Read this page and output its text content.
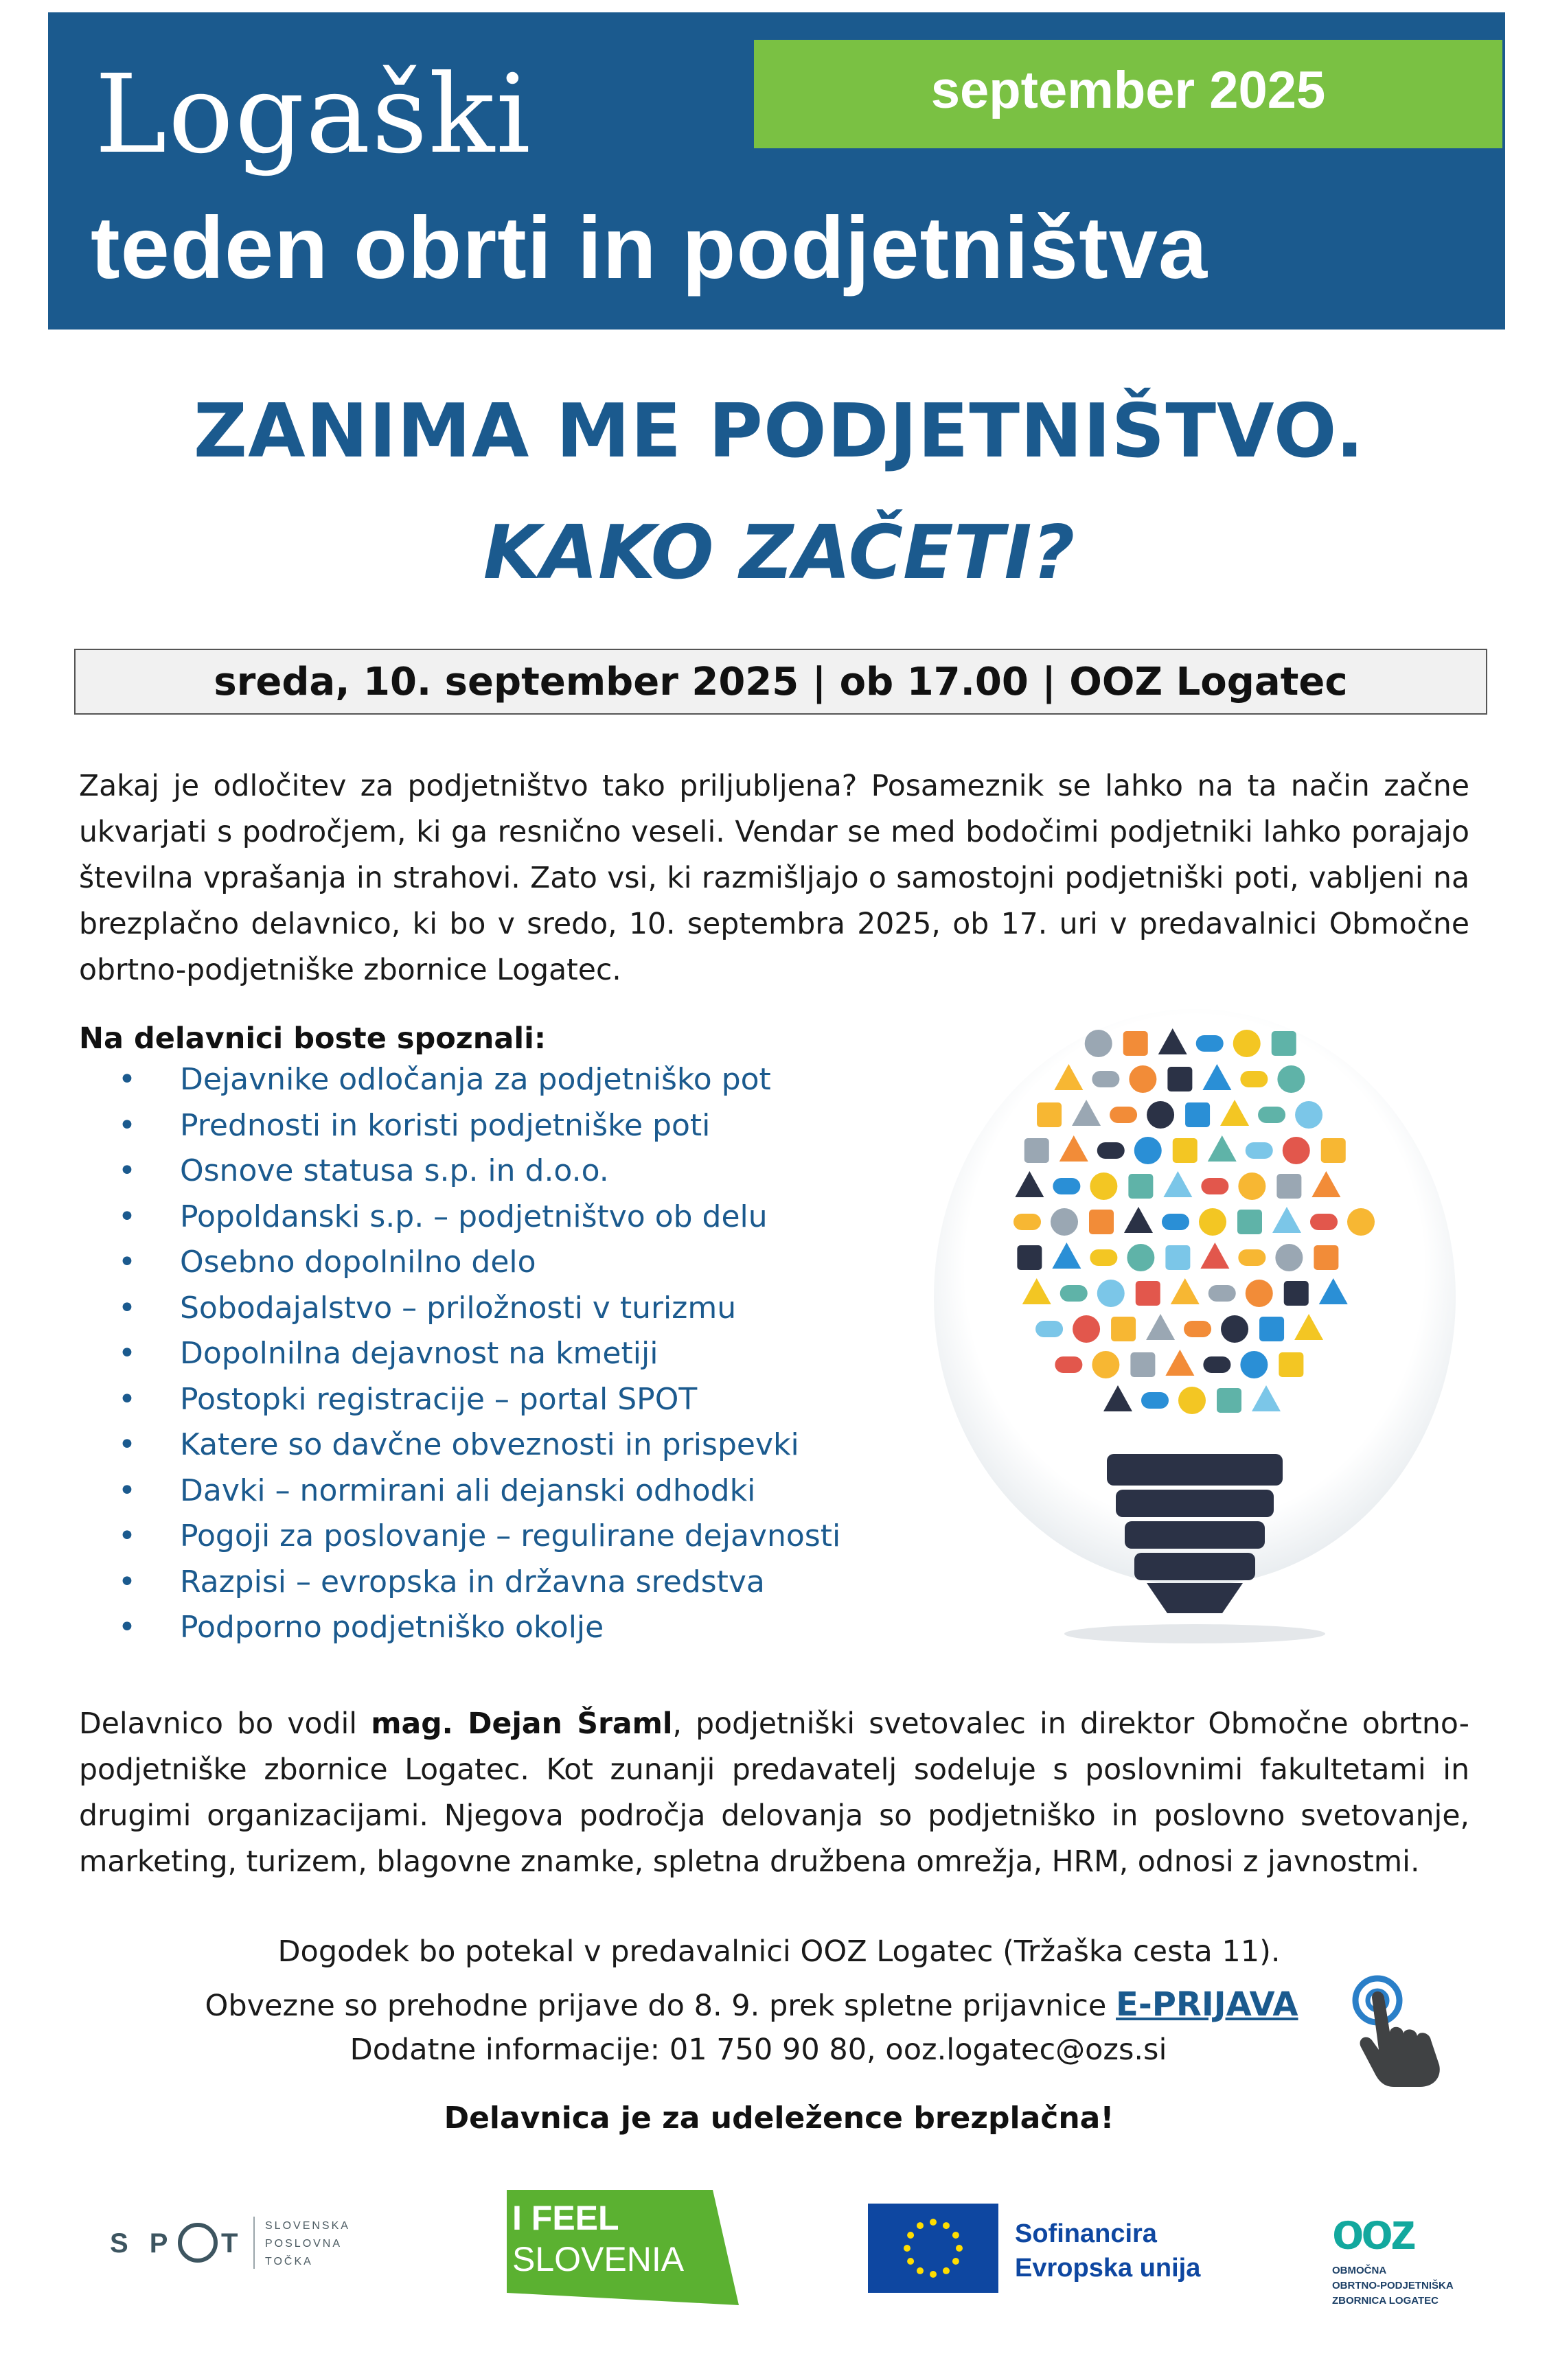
Logaški	september 2025
teden obrti in podjetništva
ZANIMA ME PODJETNIŠTVO.
KAKO ZAČETI?
sreda, 10. september 2025 | ob 17.00 | OOZ Logatec

Zakaj je odločitev za podjetništvo tako priljubljena? Posameznik se lahko na ta način začne ukvarjati s področjem, ki ga resnično veseli. Vendar se med bodočimi podjetniki lahko porajajo številna vprašanja in strahovi. Zato vsi, ki razmišljajo o samostojni podjetniški poti, vabljeni na brezplačno delavnico, ki bo v sredo, 10. septembra 2025, ob 17. uri v predavalnici Območne obrtno-podjetniške zbornice Logatec.

Na delavnici boste spoznali:
• Dejavnike odločanja za podjetniško pot
• Prednosti in koristi podjetniške poti
• Osnove statusa s.p. in d.o.o.
• Popoldanski s.p. – podjetništvo ob delu
• Osebno dopolnilno delo
• Sobodajalstvo – priložnosti v turizmu
• Dopolnilna dejavnost na kmetiji
• Postopki registracije – portal SPOT
• Katere so davčne obveznosti in prispevki
• Davki – normirani ali dejanski odhodki
• Pogoji za poslovanje – regulirane dejavnosti
• Razpisi – evropska in državna sredstva
• Podporno podjetniško okolje
Delavnico bo vodil mag. Dejan Šraml, podjetniški svetovalec in direktor Območne obrtno-podjetniške zbornice Logatec. Kot zunanji predavatelj sodeluje s poslovnimi fakultetami in drugimi organizacijami. Njegova področja delovanja so podjetniško in poslovno svetovanje, marketing, turizem, blagovne znamke, spletna družbena omrežja, HRM, odnosi z javnostmi.
Dogodek bo potekal v predavalnici OOZ Logatec (Tržaška cesta 11).
Obvezne so prehodne prijave do 8. 9. prek spletne prijavnice E-PRIJAVA
Dodatne informacije: 01 750 90 80, ooz.logatec@ozs.si
Delavnica je za udeležence brezplačna!
S P T
SLOVENSKA
POSLOVNA
TOČKA
I FEEL
SLOVENIA
Sofinancira
Evropska unija
ooz
OBMOČNA
OBRTNO-PODJETNIŠKA
ZBORNICA LOGATEC
